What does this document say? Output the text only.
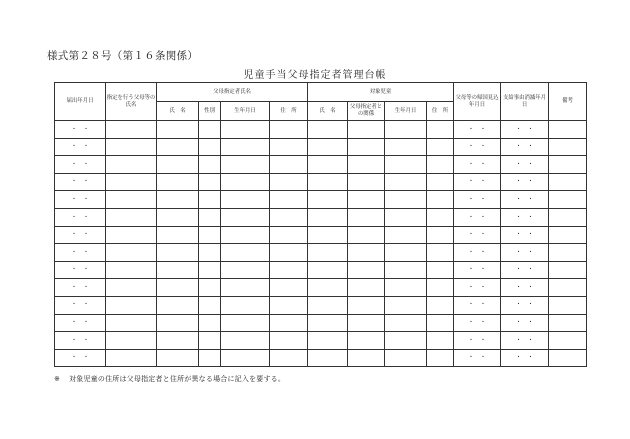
様式第２８号（第１６条関係）
児童手当父母指定者管理台帳
届出年月日	指定を行う父母等の氏名	父母指定者氏名				対象児童				父母等の帰国見込年月日	支給事由消滅年月日	備考
		氏　名	性別	生年月日	住　所	氏　名	父母指定者との関係	生年月日	住　所			
・　・										・　・	・　・	
・　・										・　・	・　・	
・　・										・　・	・　・	
・　・										・　・	・　・	
・　・										・　・	・　・	
・　・										・　・	・　・	
・　・										・　・	・　・	
・　・										・　・	・　・	
・　・										・　・	・　・	
・　・										・　・	・　・	
・　・										・　・	・　・	
・　・										・　・	・　・	
・　・										・　・	・　・	
・　・										・　・	・　・	
※ 対象児童の住所は父母指定者と住所が異なる場合に記入を要する。
